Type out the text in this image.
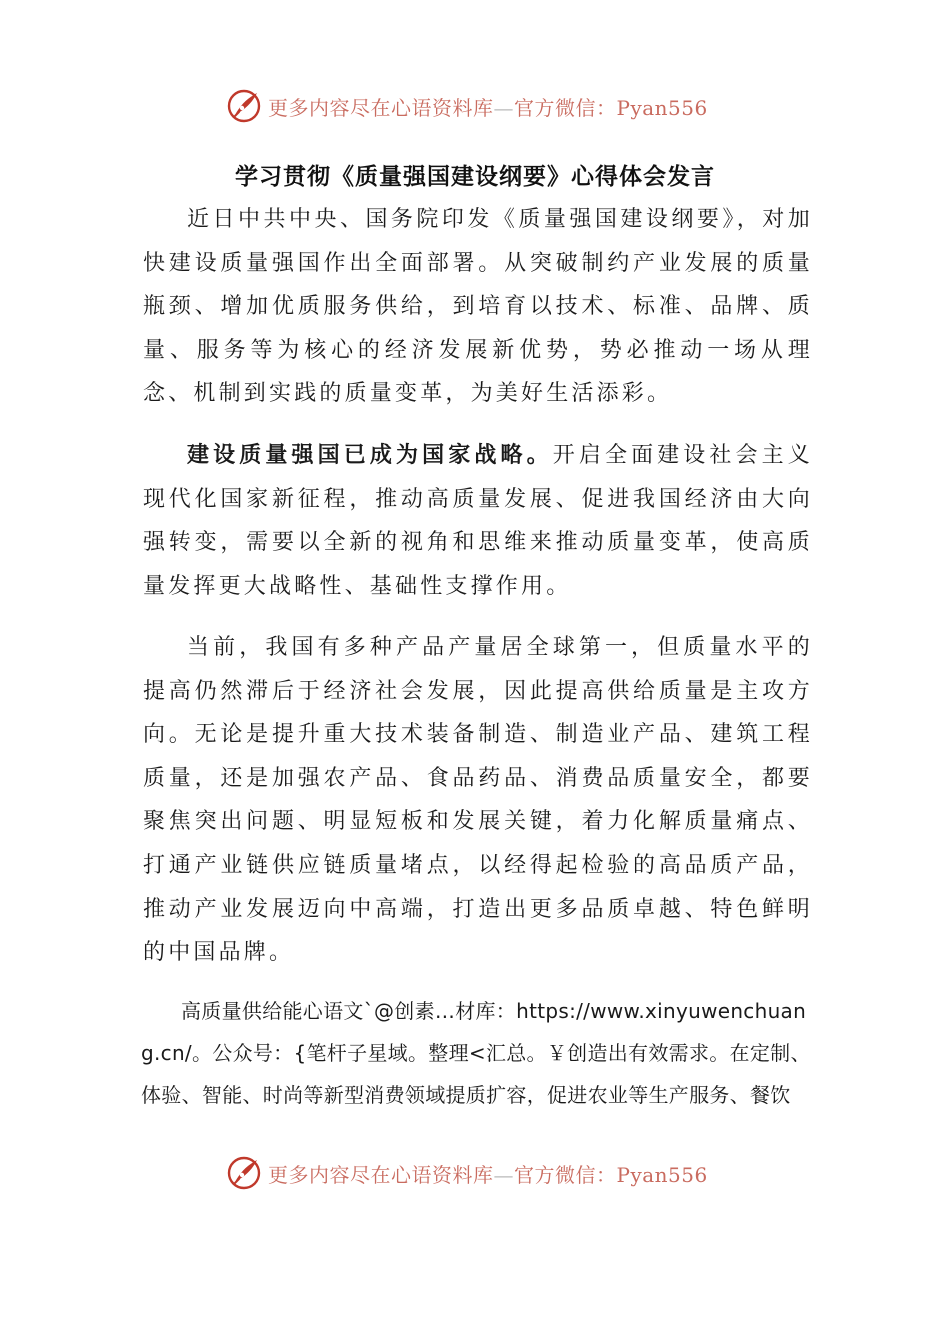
更多内容尽在心语资料库—官方微信：Pyan556
学习贯彻《质量强国建设纲要》心得体会发言

近日中共中央、国务院印发《质量强国建设纲要》，对加快建设质量强国作出全面部署。从突破制约产业发展的质量瓶颈、增加优质服务供给，到培育以技术、标准、品牌、质量、服务等为核心的经济发展新优势，势必推动一场从理念、机制到实践的质量变革，为美好生活添彩。

建设质量强国已成为国家战略。开启全面建设社会主义现代化国家新征程，推动高质量发展、促进我国经济由大向强转变，需要以全新的视角和思维来推动质量变革，使高质量发挥更大战略性、基础性支撑作用。

当前，我国有多种产品产量居全球第一，但质量水平的提高仍然滞后于经济社会发展，因此提高供给质量是主攻方向。无论是提升重大技术装备制造、制造业产品、建筑工程质量，还是加强农产品、食品药品、消费品质量安全，都要聚焦突出问题、明显短板和发展关键，着力化解质量痛点、打通产业链供应链质量堵点，以经得起检验的高品质产品，推动产业发展迈向中高端，打造出更多品质卓越、特色鲜明的中国品牌。

高质量供给能心语文`@创素…材库：https://www.xinyuwenchuang.cn/。公众号：{笔杆子星域。整理<汇总。￥创造出有效需求。在定制、体验、智能、时尚等新型消费领域提质扩容，促进农业等生产服务、餐饮

更多内容尽在心语资料库—官方微信：Pyan556
